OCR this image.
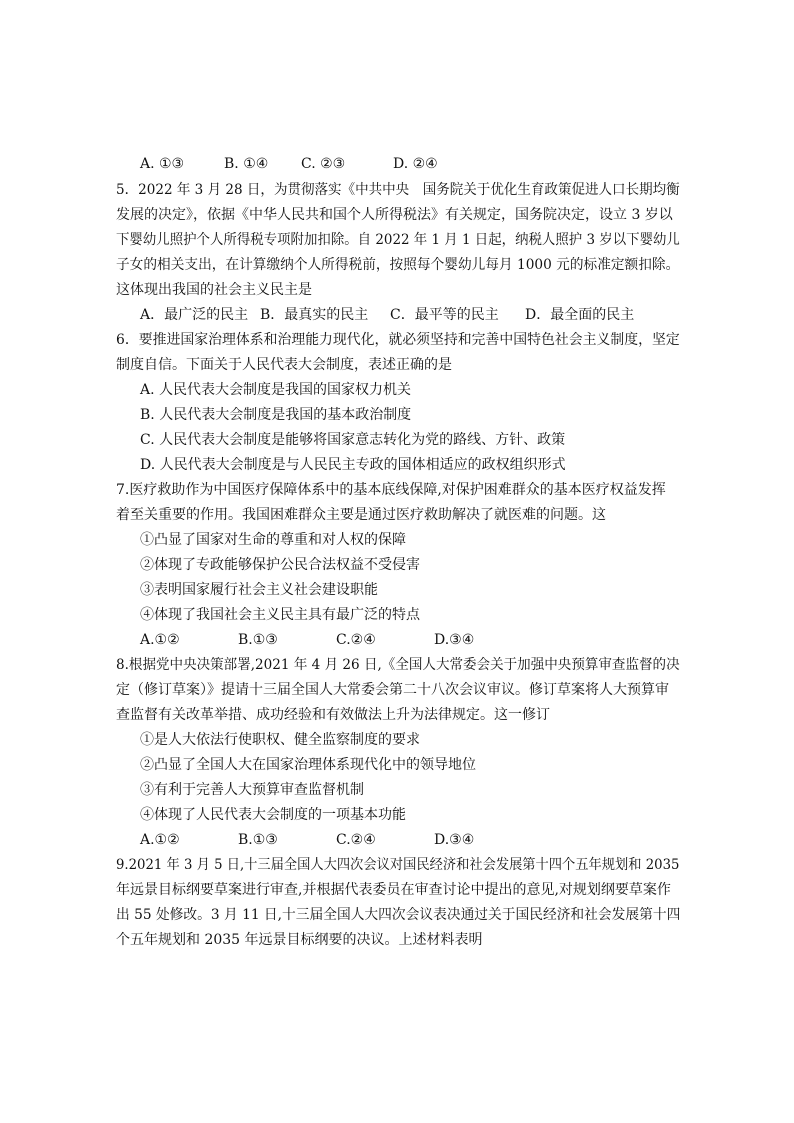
A. ①③	B. ①④	C. ②③	D. ②④
5．2022 年 3 月 28 日，为贯彻落实《中共中央　国务院关于优化生育政策促进人口长期均衡
发展的决定》，依据《中华人民共和国个人所得税法》有关规定，国务院决定，设立 3 岁以
下婴幼儿照护个人所得税专项附加扣除。自 2022 年 1 月 1 日起，纳税人照护 3 岁以下婴幼儿
子女的相关支出，在计算缴纳个人所得税前，按照每个婴幼儿每月 1000 元的标准定额扣除。
这体现出我国的社会主义民主是
A．最广泛的民主 B．最真实的民主	C．最平等的民主	D．最全面的民主
6．要推进国家治理体系和治理能力现代化，就必须坚持和完善中国特色社会主义制度，坚定
制度自信。下面关于人民代表大会制度，表述正确的是
A. 人民代表大会制度是我国的国家权力机关
B. 人民代表大会制度是我国的基本政治制度
C. 人民代表大会制度是能够将国家意志转化为党的路线、方针、政策
D. 人民代表大会制度是与人民民主专政的国体相适应的政权组织形式
7.医疗救助作为中国医疗保障体系中的基本底线保障,对保护困难群众的基本医疗权益发挥
着至关重要的作用。我国困难群众主要是通过医疗救助解决了就医难的问题。这
①凸显了国家对生命的尊重和对人权的保障
②体现了专政能够保护公民合法权益不受侵害
③表明国家履行社会主义社会建设职能
④体现了我国社会主义民主具有最广泛的特点
A.①②	B.①③	C.②④	D.③④
8.根据党中央决策部署,2021 年 4 月 26 日,《全国人大常委会关于加强中央预算审查监督的决
定（修订草案）》提请十三届全国人大常委会第二十八次会议审议。修订草案将人大预算审
查监督有关改革举措、成功经验和有效做法上升为法律规定。这一修订
①是人大依法行使职权、健全监察制度的要求
②凸显了全国人大在国家治理体系现代化中的领导地位
③有利于完善人大预算审查监督机制
④体现了人民代表大会制度的一项基本功能
A.①②	B.①③	C.②④	D.③④
9.2021 年 3 月 5 日,十三届全国人大四次会议对国民经济和社会发展第十四个五年规划和 2035
年远景目标纲要草案进行审查,并根据代表委员在审查讨论中提出的意见,对规划纲要草案作
出 55 处修改。3 月 11 日,十三届全国人大四次会议表决通过关于国民经济和社会发展第十四
个五年规划和 2035 年远景目标纲要的决议。上述材料表明
